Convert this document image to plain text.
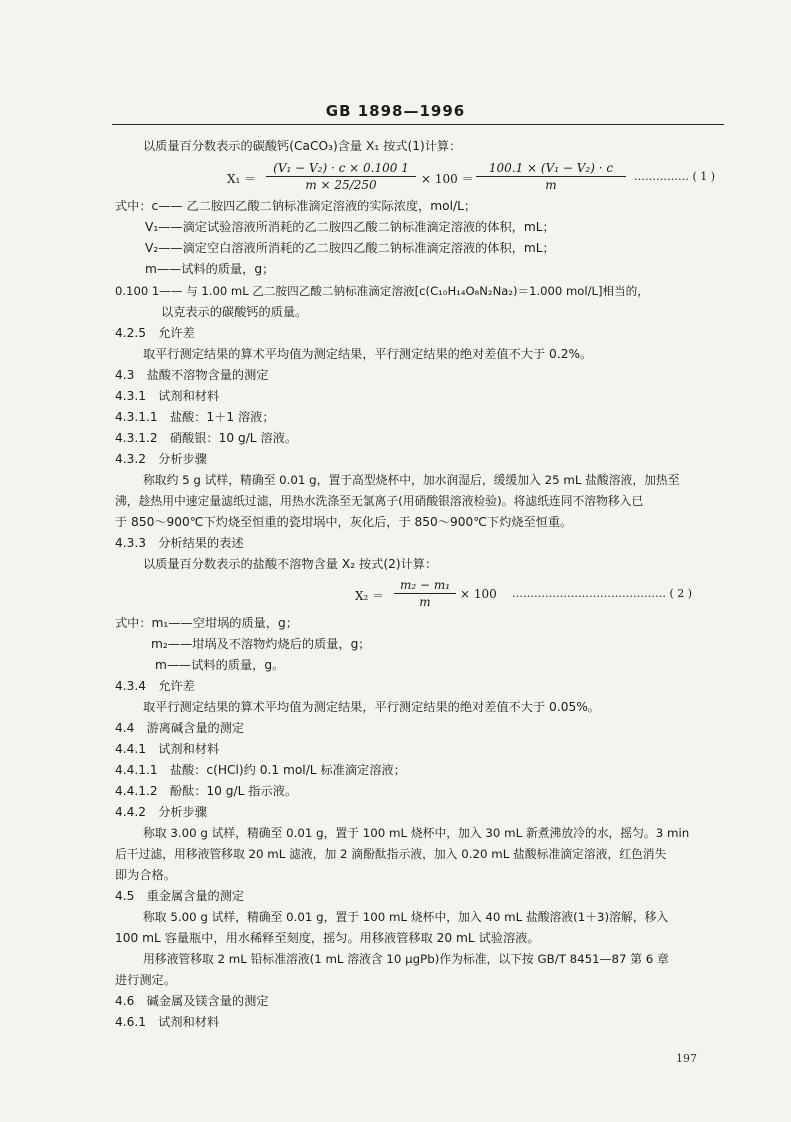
GB 1898—1996
以质量百分数表示的碳酸钙(CaCO₃)含量 X₁ 按式(1)计算：
$X_1 = \frac{\text{(V₁ − V₂) · c × 0.100 1}}{m \times 25/250} \times 100 = \frac{\text{100.1 × (V₁ − V₂) · c}}{m}$ …………… ( 1 )
式中：c—— 乙二胺四乙酸二钠标准滴定溶液的实际浓度，mol/L；
V₁——滴定试验溶液所消耗的乙二胺四乙酸二钠标准滴定溶液的体积，mL；
V₂——滴定空白溶液所消耗的乙二胺四乙酸二钠标准滴定溶液的体积，mL；
m——试料的质量，g；
0.100 1—— 与 1.00 mL 乙二胺四乙酸二钠标准滴定溶液[c(C₁₀H₁₄O₈N₂Na₂)＝1.000 mol/L]相当的，
以克表示的碳酸钙的质量。
4.2.5　允许差
取平行测定结果的算术平均值为测定结果，平行测定结果的绝对差值不大于 0.2%。
4.3　盐酸不溶物含量的测定
4.3.1　试剂和材料
4.3.1.1　盐酸：1＋1 溶液；
4.3.1.2　硝酸银：10 g/L 溶液。
4.3.2　分析步骤
称取约 5 g 试样，精确至 0.01 g，置于高型烧杯中，加水润湿后，缓缓加入 25 mL 盐酸溶液，加热至
沸，趁热用中速定量滤纸过滤，用热水洗涤至无氯离子(用硝酸银溶液检验)。将滤纸连同不溶物移入已
于 850～900℃下灼烧至恒重的瓷坩埚中，灰化后，于 850～900℃下灼烧至恒重。
4.3.3　分析结果的表述
以质量百分数表示的盐酸不溶物含量 X₂ 按式(2)计算：
$X_2 = \frac{\text{m₂ − m₁}}{m} \times 100$ …………………………………… ( 2 )
式中：m₁——空坩埚的质量，g；
m₂——坩埚及不溶物灼烧后的质量，g；
m——试料的质量，g。
4.3.4　允许差
取平行测定结果的算术平均值为测定结果，平行测定结果的绝对差值不大于 0.05%。
4.4　游离碱含量的测定
4.4.1　试剂和材料
4.4.1.1　盐酸：c(HCl)约 0.1 mol/L 标准滴定溶液；
4.4.1.2　酚酞：10 g/L 指示液。
4.4.2　分析步骤
称取 3.00 g 试样，精确至 0.01 g，置于 100 mL 烧杯中，加入 30 mL 新煮沸放冷的水，摇匀。3 min
后干过滤，用移液管移取 20 mL 滤液，加 2 滴酚酞指示液，加入 0.20 mL 盐酸标准滴定溶液，红色消失
即为合格。
4.5　重金属含量的测定
称取 5.00 g 试样，精确至 0.01 g，置于 100 mL 烧杯中，加入 40 mL 盐酸溶液(1＋3)溶解，移入
100 mL 容量瓶中，用水稀释至刻度，摇匀。用移液管移取 20 mL 试验溶液。
用移液管移取 2 mL 铅标准溶液(1 mL 溶液含 10 μgPb)作为标准，以下按 GB/T 8451—87 第 6 章
进行测定。
4.6　碱金属及镁含量的测定
4.6.1　试剂和材料
197
